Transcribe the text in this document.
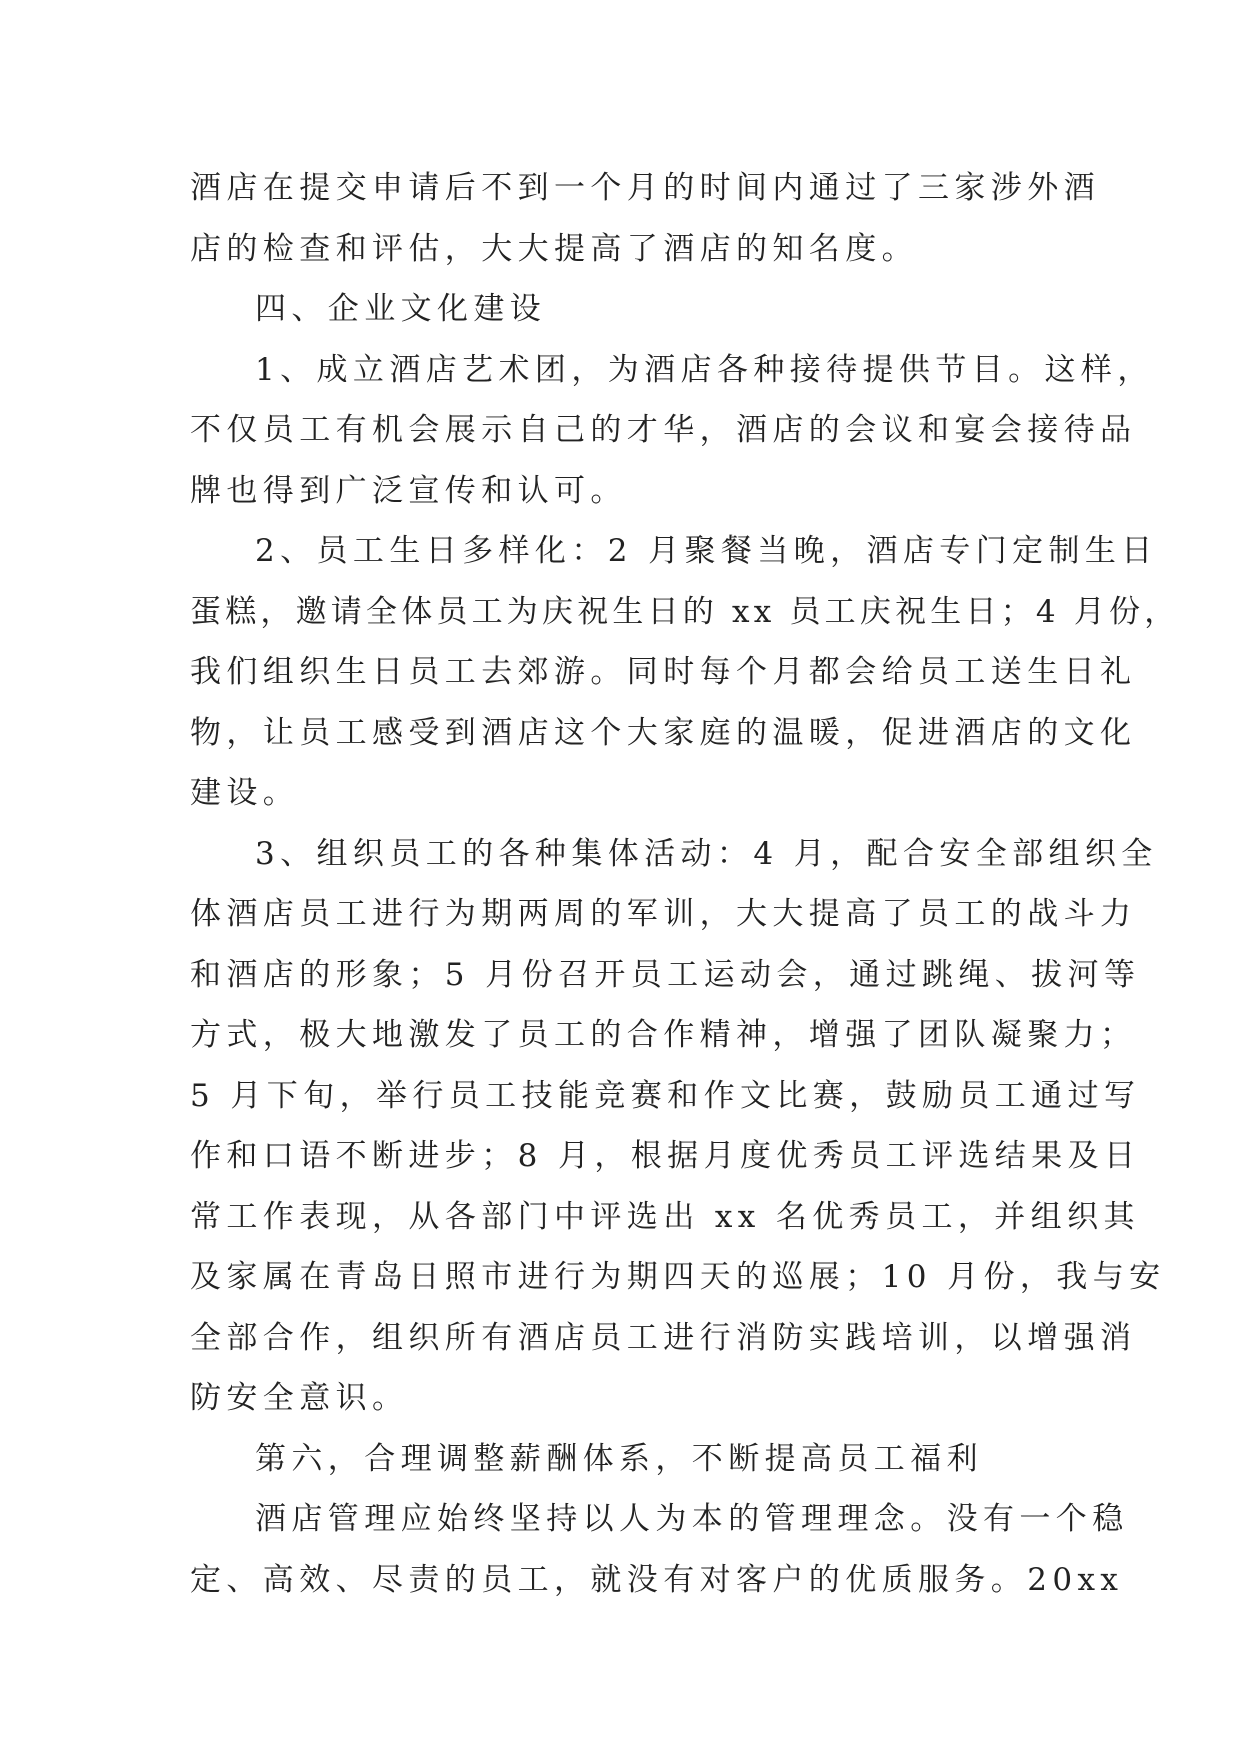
酒店在提交申请后不到一个月的时间内通过了三家涉外酒
店的检查和评估，大大提高了酒店的知名度。
四、企业文化建设
1、成立酒店艺术团，为酒店各种接待提供节目。这样，
不仅员工有机会展示自己的才华，酒店的会议和宴会接待品
牌也得到广泛宣传和认可。
2、员工生日多样化：2 月聚餐当晚，酒店专门定制生日
蛋糕，邀请全体员工为庆祝生日的 xx 员工庆祝生日；4 月份，
我们组织生日员工去郊游。同时每个月都会给员工送生日礼
物，让员工感受到酒店这个大家庭的温暖，促进酒店的文化
建设。
3、组织员工的各种集体活动：4 月，配合安全部组织全
体酒店员工进行为期两周的军训，大大提高了员工的战斗力
和酒店的形象；5 月份召开员工运动会，通过跳绳、拔河等
方式，极大地激发了员工的合作精神，增强了团队凝聚力；
5 月下旬，举行员工技能竞赛和作文比赛，鼓励员工通过写
作和口语不断进步；8 月，根据月度优秀员工评选结果及日
常工作表现，从各部门中评选出 xx 名优秀员工，并组织其
及家属在青岛日照市进行为期四天的巡展；10 月份，我与安
全部合作，组织所有酒店员工进行消防实践培训，以增强消
防安全意识。
第六，合理调整薪酬体系，不断提高员工福利
酒店管理应始终坚持以人为本的管理理念。没有一个稳
定、高效、尽责的员工，就没有对客户的优质服务。20xx
